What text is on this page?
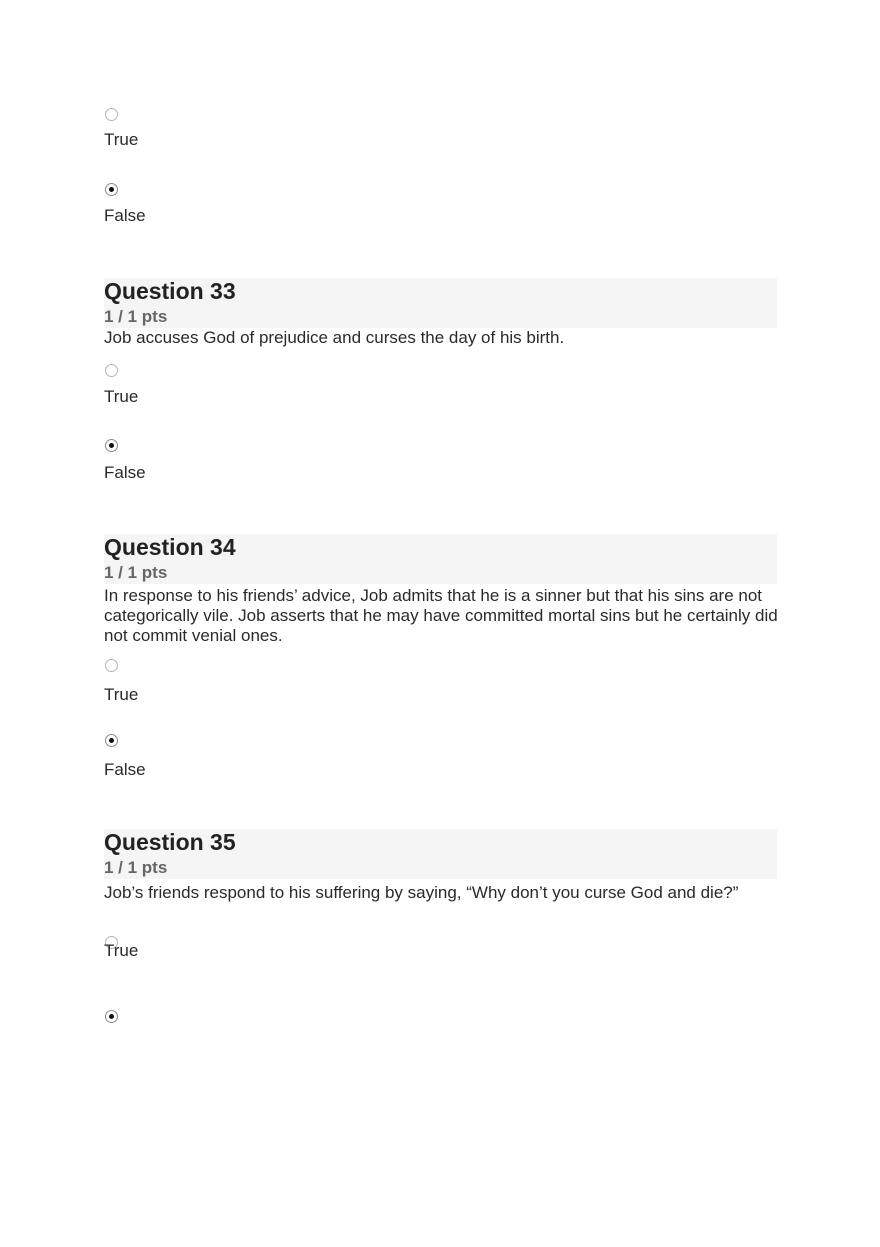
True
False
Question 33
1 / 1 pts
Job accuses God of prejudice and curses the day of his birth.
True
False
Question 34
1 / 1 pts
In response to his friends’ advice, Job admits that he is a sinner but that his sins are not categorically vile. Job asserts that he may have committed mortal sins but he certainly did not commit venial ones.
True
False
Question 35
1 / 1 pts
Job’s friends respond to his suffering by saying, “Why don’t you curse God and die?”
True
